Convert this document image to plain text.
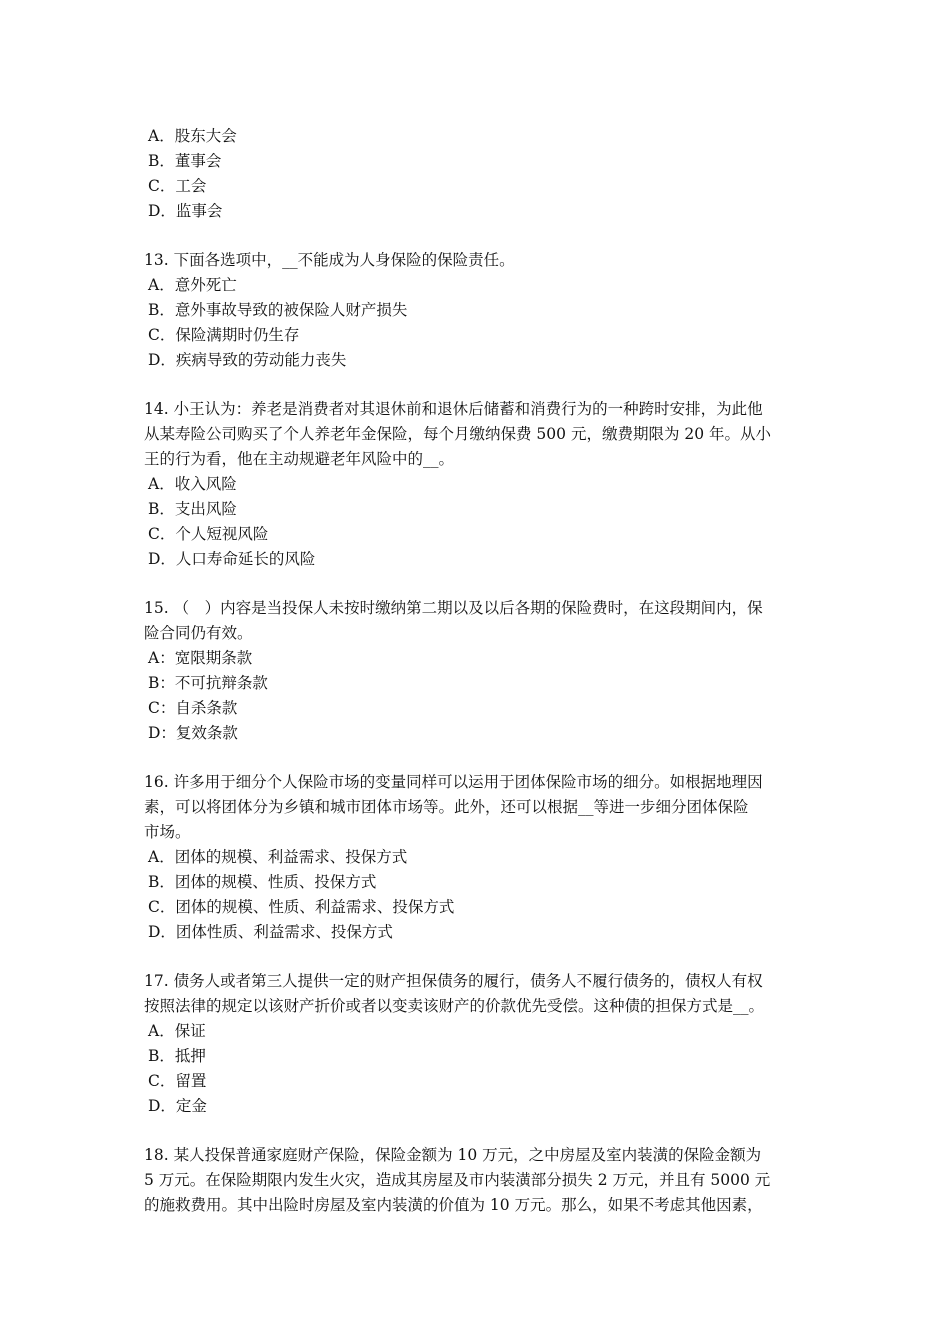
A．股东大会
B．董事会
C．工会
D．监事会
13. 下面各选项中，__不能成为人身保险的保险责任。
A．意外死亡
B．意外事故导致的被保险人财产损失
C．保险满期时仍生存
D．疾病导致的劳动能力丧失
14. 小王认为：养老是消费者对其退休前和退休后储蓄和消费行为的一种跨时安排，为此他
从某寿险公司购买了个人养老年金保险，每个月缴纳保费 500 元，缴费期限为 20 年。从小
王的行为看，他在主动规避老年风险中的__。
A．收入风险
B．支出风险
C．个人短视风险
D．人口寿命延长的风险
15. （　）内容是当投保人未按时缴纳第二期以及以后各期的保险费时，在这段期间内，保
险合同仍有效。
A：宽限期条款
B：不可抗辩条款
C：自杀条款
D：复效条款
16. 许多用于细分个人保险市场的变量同样可以运用于团体保险市场的细分。如根据地理因
素，可以将团体分为乡镇和城市团体市场等。此外，还可以根据__等进一步细分团体保险
市场。
A．团体的规模、利益需求、投保方式
B．团体的规模、性质、投保方式
C．团体的规模、性质、利益需求、投保方式
D．团体性质、利益需求、投保方式
17. 债务人或者第三人提供一定的财产担保债务的履行，债务人不履行债务的，债权人有权
按照法律的规定以该财产折价或者以变卖该财产的价款优先受偿。这种债的担保方式是__。
A．保证
B．抵押
C．留置
D．定金
18. 某人投保普通家庭财产保险，保险金额为 10 万元，之中房屋及室内装潢的保险金额为
5 万元。在保险期限内发生火灾，造成其房屋及市内装潢部分损失 2 万元，并且有 5000 元
的施救费用。其中出险时房屋及室内装潢的价值为 10 万元。那么，如果不考虑其他因素，
